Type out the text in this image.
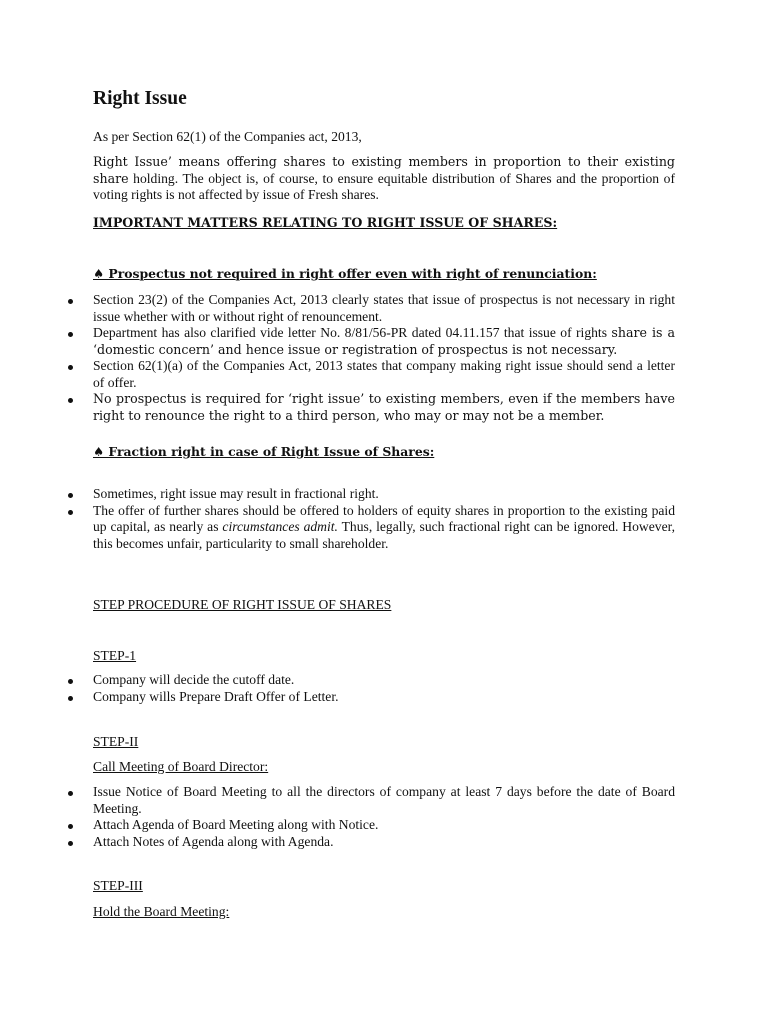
Right Issue
As per Section 62(1) of the Companies act, 2013,
Right Issue’ means offering shares to existing members in proportion to their existing share holding. The object is, of course, to ensure equitable distribution of Shares and the proportion of voting rights is not affected by issue of Fresh shares.
IMPORTANT MATTERS RELATING TO RIGHT ISSUE OF SHARES:
♠ Prospectus not required in right offer even with right of renunciation:
Section 23(2) of the Companies Act, 2013 clearly states that issue of prospectus is not necessary in right issue whether with or without right of renouncement.
Department has also clarified vide letter No. 8/81/56-PR dated 04.11.157 that issue of rights share is a ‘domestic concern’ and hence issue or registration of prospectus is not necessary.
Section 62(1)(a) of the Companies Act, 2013 states that company making right issue should send a letter of offer.
No prospectus is required for ‘right issue’ to existing members, even if the members have right to renounce the right to a third person, who may or may not be a member.
♠ Fraction right in case of Right Issue of Shares:
Sometimes, right issue may result in fractional right.
The offer of further shares should be offered to holders of equity shares in proportion to the existing paid up capital, as nearly as circumstances admit. Thus, legally, such fractional right can be ignored. However, this becomes unfair, particularity to small shareholder.
STEP PROCEDURE OF RIGHT ISSUE OF SHARES
STEP-1
Company will decide the cutoff date.
Company wills Prepare Draft Offer of Letter.
STEP-II
Call Meeting of Board Director:
Issue Notice of Board Meeting to all the directors of company at least 7 days before the date of Board Meeting.
Attach Agenda of Board Meeting along with Notice.
Attach Notes of Agenda along with Agenda.
STEP-III
Hold the Board Meeting:
